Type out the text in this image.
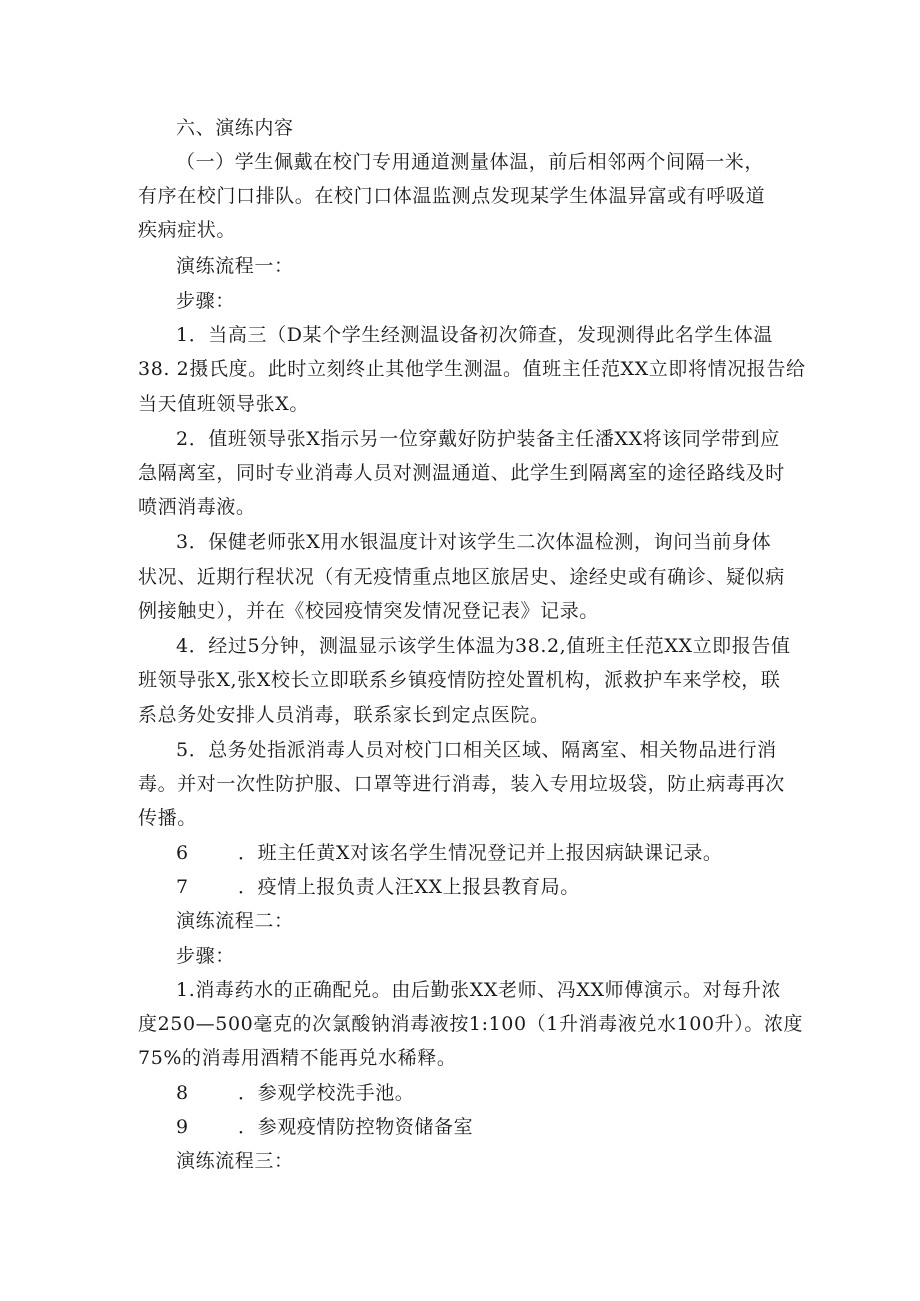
六、演练内容
（一）学生佩戴在校门专用通道测量体温，前后相邻两个间隔一米，
有序在校门口排队。在校门口体温监测点发现某学生体温异富或有呼吸道
疾病症状。
演练流程一：
步骤：
1．当高三（D某个学生经测温设备初次筛查，发现测得此名学生体温
38. 2摄氏度。此时立刻终止其他学生测温。值班主任范XX立即将情况报告给
当天值班领导张X。
2．值班领导张X指示另一位穿戴好防护装备主任潘XX将该同学带到应
急隔离室，同时专业消毒人员对测温通道、此学生到隔离室的途径路线及时
喷洒消毒液。
3．保健老师张X用水银温度计对该学生二次体温检测，询问当前身体
状况、近期行程状况（有无疫情重点地区旅居史、途经史或有确诊、疑似病
例接触史），并在《校园疫情突发情况登记表》记录。
4．经过5分钟，测温显示该学生体温为38.2,值班主任范XX立即报告值
班领导张X,张X校长立即联系乡镇疫情防控处置机构，派救护车来学校，联
系总务处安排人员消毒，联系家长到定点医院。
5．总务处指派消毒人员对校门口相关区域、隔离室、相关物品进行消
毒。并对一次性防护服、口罩等进行消毒，装入专用垃圾袋，防止病毒再次
传播。
6	．班主任黄X对该名学生情况登记并上报因病缺课记录。
7	．疫情上报负责人汪XX上报县教育局。
演练流程二：
步骤：
1.消毒药水的正确配兑。由后勤张XX老师、冯XX师傅演示。对每升浓
度250—500毫克的次氯酸钠消毒液按1:100（1升消毒液兑水100升）。浓度
75%的消毒用酒精不能再兑水稀释。
8	．参观学校洗手池。
9	．参观疫情防控物资储备室
演练流程三：
